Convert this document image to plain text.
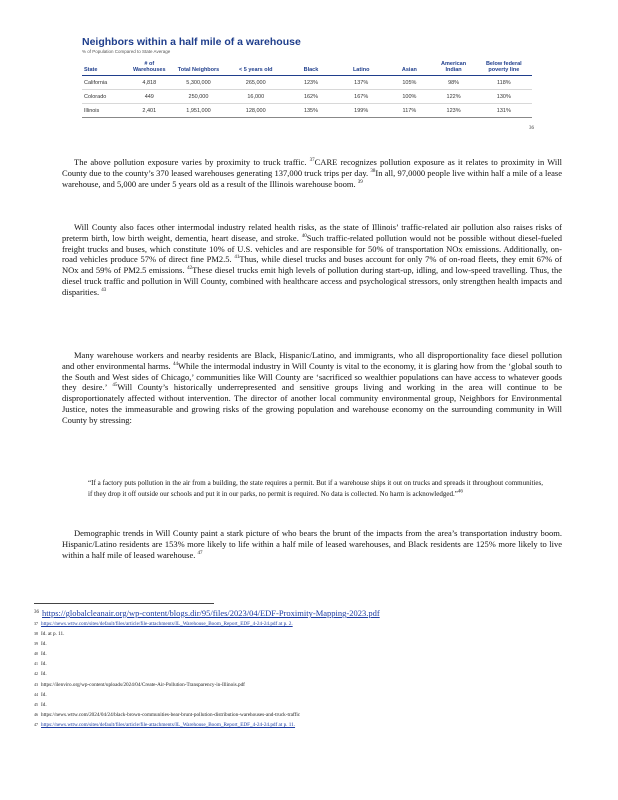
Neighbors within a half mile of a warehouse

% of Population Compared to State Average

State	# of Warehouses	Total Neighbors	< 5 years old	Black	Latino	Asian	American Indian	Below federal poverty line
California	4,818	5,300,000	265,000	123%	137%	105%	98%	118%
Colorado	449	250,000	16,000	162%	167%	100%	122%	130%
Illinois	2,401	1,951,000	128,000	135%	199%	117%	123%	131%
36

The above pollution exposure varies by proximity to truck traffic. $^{37}$CARE recognizes pollution exposure as it relates to proximity in Will County due to the county’s 370 leased warehouses generating 137,000 truck trips per day. $^{38}$In all, 97,0000 people live within half a mile of a lease warehouse, and 5,000 are under 5 years old as a result of the Illinois warehouse boom. $^{39}$

Will County also faces other intermodal industry related health risks, as the state of Illinois’ traffic-related air pollution also raises risks of preterm birth, low birth weight, dementia, heart disease, and stroke. $^{40}$Such traffic-related pollution would not be possible without diesel-fueled freight trucks and buses, which constitute 10% of U.S. vehicles and are responsible for 50% of transportation NOx emissions. Additionally, on-road vehicles produce 57% of direct fine PM2.5. $^{41}$Thus, while diesel trucks and buses account for only 7% of on-road fleets, they emit 67% of NOx and 59% of PM2.5 emissions. $^{42}$These diesel trucks emit high levels of pollution during start-up, idling, and low-speed travelling. Thus, the diesel truck traffic and pollution in Will County, combined with healthcare access and psychological stressors, only strengthen health impacts and disparities. $^{43}$

Many warehouse workers and nearby residents are Black, Hispanic/Latino, and immigrants, who all disproportionality face diesel pollution and other environmental harms. $^{44}$While the intermodal industry in Will County is vital to the economy, it is glaring how from the ‘global south to the South and West sides of Chicago,’ communities like Will County are ‘sacrificed so wealthier populations can have access to whatever goods they desire.’ $^{45}$Will County’s historically underrepresented and sensitive groups living and working in the area will continue to be disproportionately affected without intervention. The director of another local community environmental group, Neighbors for Environmental Justice, notes the immeasurable and growing risks of the growing population and warehouse economy on the surrounding community in Will County by stressing:

“If a factory puts pollution in the air from a building, the state requires a permit. But if a warehouse ships it out on trucks and spreads it throughout communities, if they drop it off outside our schools and put it in our parks, no permit is required. No data is collected. No harm is acknowledged.”$^{46}$

Demographic trends in Will County paint a stark picture of who bears the brunt of the impacts from the area’s transportation industry boom. Hispanic/Latino residents are 153% more likely to life within a half mile of leased warehouses, and Black residents are 125% more likely to live within a half mile of leased warehouse. $^{47}$

$^{36}$ https://globalcleanair.org/wp-content/blogs.dir/95/files/2023/04/EDF-Proximity-Mapping-2023.pdf
$^{37}$ https://news.wttw.com/sites/default/files/article/file-attachments/IL_Warehouse_Boom_Report_EDF_4-24-24.pdf at p. 2.
$^{38}$ Id. at p. 11.
$^{39}$ Id.
$^{40}$ Id.
$^{41}$ Id.
$^{42}$ Id.
$^{43}$ https://ilenviro.org/wp-content/uploads/2024/04/Create-Air-Pollution-Transparency-in-Illinois.pdf
$^{44}$ Id.
$^{45}$ Id.
$^{46}$ https://news.wttw.com/2024/04/24/black-brown-communities-bear-brunt-pollution-distribution-warehouses-and-truck-traffic
$^{47}$ https://news.wttw.com/sites/default/files/article/file-attachments/IL_Warehouse_Boom_Report_EDF_4-24-24.pdf at p. 11.
